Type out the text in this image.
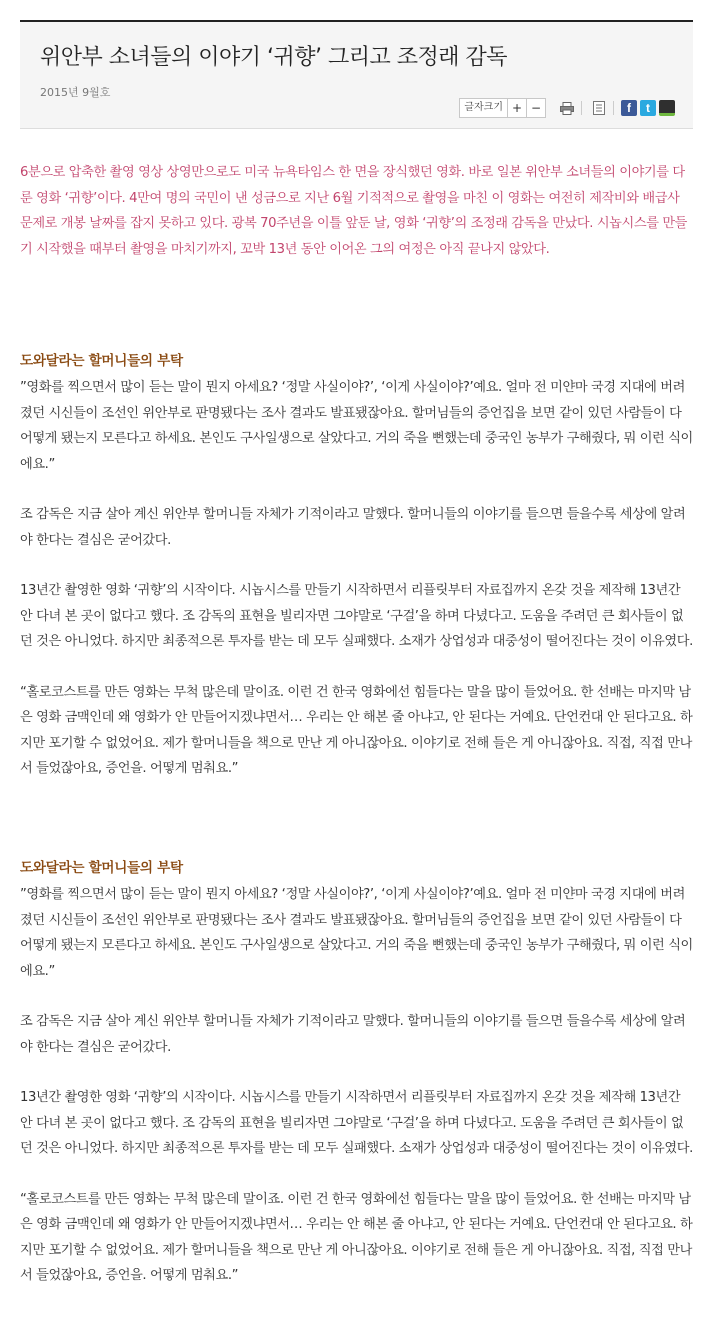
위안부 소녀들의 이야기 ‘귀향’ 그리고 조정래 감독
2015년 9월호
글자크기 + −	f	t

6분으로 압축한 촬영 영상 상영만으로도 미국 뉴욕타임스 한 면을 장식했던 영화. 바로 일본 위안부 소녀들의 이야기를 다룬 영화 ‘귀향’이다. 4만여 명의 국민이 낸 성금으로 지난 6월 기적적으로 촬영을 마친 이 영화는 여전히 제작비와 배급사 문제로 개봉 날짜를 잡지 못하고 있다. 광복 70주년을 이틀 앞둔 날, 영화 ‘귀향’의 조정래 감독을 만났다. 시놉시스를 만들기 시작했을 때부터 촬영을 마치기까지, 꼬박 13년 동안 이어온 그의 여정은 아직 끝나지 않았다.

도와달라는 할머니들의 부탁

”영화를 찍으면서 많이 듣는 말이 뭔지 아세요? ‘정말 사실이야?’, ‘이게 사실이야?’예요. 얼마 전 미얀마 국경 지대에 버려졌던 시신들이 조선인 위안부로 판명됐다는 조사 결과도 발표됐잖아요. 할머님들의 증언집을 보면 같이 있던 사람들이 다 어떻게 됐는지 모른다고 하세요. 본인도 구사일생으로 살았다고. 거의 죽을 뻔했는데 중국인 농부가 구해줬다, 뭐 이런 식이에요.”

조 감독은 지금 살아 계신 위안부 할머니들 자체가 기적이라고 말했다. 할머니들의 이야기를 들으면 들을수록 세상에 알려야 한다는 결심은 굳어갔다.

13년간 촬영한 영화 ‘귀향’의 시작이다. 시놉시스를 만들기 시작하면서 리플릿부터 자료집까지 온갖 것을 제작해 13년간 안 다녀 본 곳이 없다고 했다. 조 감독의 표현을 빌리자면 그야말로 ‘구걸’을 하며 다녔다고. 도움을 주려던 큰 회사들이 없던 것은 아니었다. 하지만 최종적으론 투자를 받는 데 모두 실패했다. 소재가 상업성과 대중성이 떨어진다는 것이 이유였다.

“홀로코스트를 만든 영화는 무척 많은데 말이죠. 이런 건 한국 영화에선 힘들다는 말을 많이 들었어요. 한 선배는 마지막 남은 영화 금맥인데 왜 영화가 안 만들어지겠냐면서… 우리는 안 해본 줄 아냐고, 안 된다는 거예요. 단언컨대 안 된다고요. 하지만 포기할 수 없었어요. 제가 할머니들을 책으로 만난 게 아니잖아요. 이야기로 전해 들은 게 아니잖아요. 직접, 직접 만나서 들었잖아요, 증언을. 어떻게 멈춰요.”

도와달라는 할머니들의 부탁

”영화를 찍으면서 많이 듣는 말이 뭔지 아세요? ‘정말 사실이야?’, ‘이게 사실이야?’예요. 얼마 전 미얀마 국경 지대에 버려졌던 시신들이 조선인 위안부로 판명됐다는 조사 결과도 발표됐잖아요. 할머님들의 증언집을 보면 같이 있던 사람들이 다 어떻게 됐는지 모른다고 하세요. 본인도 구사일생으로 살았다고. 거의 죽을 뻔했는데 중국인 농부가 구해줬다, 뭐 이런 식이에요.”

조 감독은 지금 살아 계신 위안부 할머니들 자체가 기적이라고 말했다. 할머니들의 이야기를 들으면 들을수록 세상에 알려야 한다는 결심은 굳어갔다.

13년간 촬영한 영화 ‘귀향’의 시작이다. 시놉시스를 만들기 시작하면서 리플릿부터 자료집까지 온갖 것을 제작해 13년간 안 다녀 본 곳이 없다고 했다. 조 감독의 표현을 빌리자면 그야말로 ‘구걸’을 하며 다녔다고. 도움을 주려던 큰 회사들이 없던 것은 아니었다. 하지만 최종적으론 투자를 받는 데 모두 실패했다. 소재가 상업성과 대중성이 떨어진다는 것이 이유였다.

“홀로코스트를 만든 영화는 무척 많은데 말이죠. 이런 건 한국 영화에선 힘들다는 말을 많이 들었어요. 한 선배는 마지막 남은 영화 금맥인데 왜 영화가 안 만들어지겠냐면서… 우리는 안 해본 줄 아냐고, 안 된다는 거예요. 단언컨대 안 된다고요. 하지만 포기할 수 없었어요. 제가 할머니들을 책으로 만난 게 아니잖아요. 이야기로 전해 들은 게 아니잖아요. 직접, 직접 만나서 들었잖아요, 증언을. 어떻게 멈춰요.”
